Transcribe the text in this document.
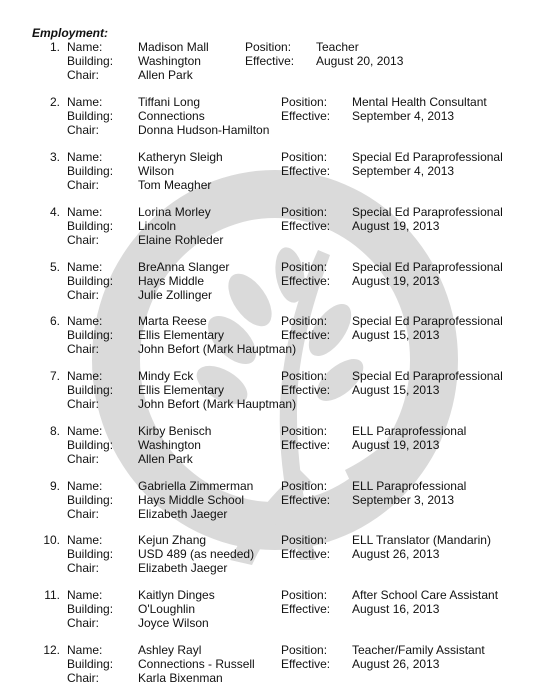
Employment:
1. Name:
Building:
Chair:
Madison Mall
Washington
Allen Park
Position:
Effective:
Teacher
August 20, 2013
2. Name:
Building:
Chair:
Tiffani Long
Connections
Donna Hudson-Hamilton
Position:
Effective:
Mental Health Consultant
September 4, 2013
3. Name:
Building:
Chair:
Katheryn Sleigh
Wilson
Tom Meagher
Position:
Effective:
Special Ed Paraprofessional
September 4, 2013
4. Name:
Building:
Chair:
Lorina Morley
Lincoln
Elaine Rohleder
Position:
Effective:
Special Ed Paraprofessional
August 19, 2013
5. Name:
Building:
Chair:
BreAnna Slanger
Hays Middle
Julie Zollinger
Position:
Effective:
Special Ed Paraprofessional
August 19, 2013
6. Name:
Building:
Chair:
Marta Reese
Ellis Elementary
John Befort (Mark Hauptman)
Position:
Effective:
Special Ed Paraprofessional
August 15, 2013
7. Name:
Building:
Chair:
Mindy Eck
Ellis Elementary
John Befort (Mark Hauptman)
Position:
Effective:
Special Ed Paraprofessional
August 15, 2013
8. Name:
Building:
Chair:
Kirby Benisch
Washington
Allen Park
Position:
Effective:
ELL Paraprofessional
August 19, 2013
9. Name:
Building:
Chair:
Gabriella Zimmerman
Hays Middle School
Elizabeth Jaeger
Position:
Effective:
ELL Paraprofessional
September 3, 2013
10. Name:
Building:
Chair:
Kejun Zhang
USD 489 (as needed)
Elizabeth Jaeger
Position:
Effective:
ELL Translator (Mandarin)
August 26, 2013
11. Name:
Building:
Chair:
Kaitlyn Dinges
O'Loughlin
Joyce Wilson
Position:
Effective:
After School Care Assistant
August 16, 2013
12. Name:
Building:
Chair:
Ashley Rayl
Connections - Russell
Karla Bixenman
Position:
Effective:
Teacher/Family Assistant
August 26, 2013
